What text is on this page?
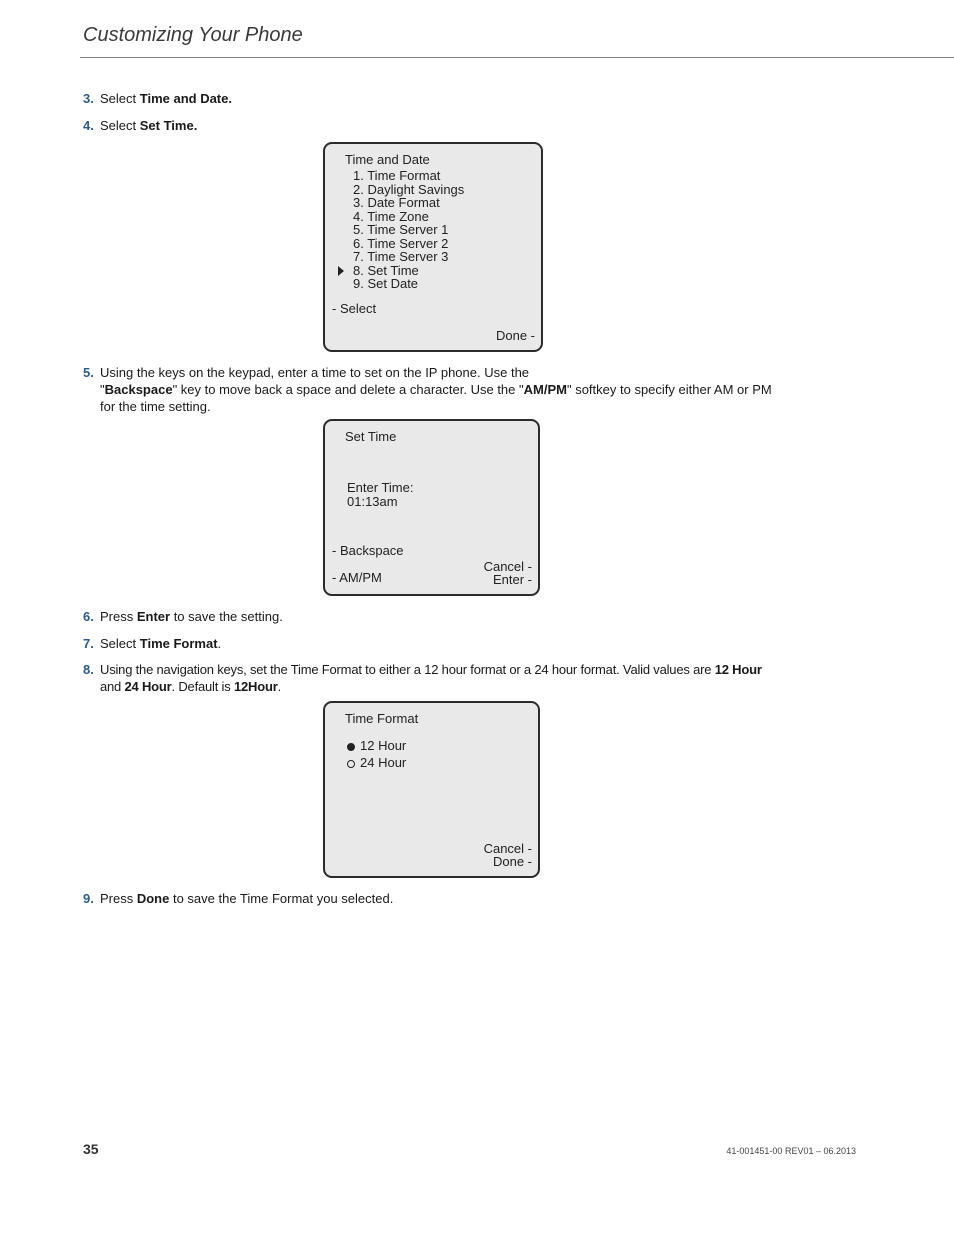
Customizing Your Phone
3. Select Time and Date.
4. Select Set Time.
Time and Date
1. Time Format
2. Daylight Savings
3. Date Format
4. Time Zone
5. Time Server 1
6. Time Server 2
7. Time Server 3
8. Set Time
9. Set Date
- Select
Done -
5. Using the keys on the keypad, enter a time to set on the IP phone. Use the
"Backspace" key to move back a space and delete a character. Use the "AM/PM" softkey to specify either AM or PM
for the time setting.
Set Time
Enter Time:
01:13am
- Backspace
- AM/PM
Cancel -
Enter -
6. Press Enter to save the setting.
7. Select Time Format.
8. Using the navigation keys, set the Time Format to either a 12 hour format or a 24 hour format. Valid values are 12 Hour
and 24 Hour. Default is 12Hour.
Time Format
12 Hour
24 Hour
Cancel -
Done -
9. Press Done to save the Time Format you selected.
35	41-001451-00 REV01 – 06.2013
